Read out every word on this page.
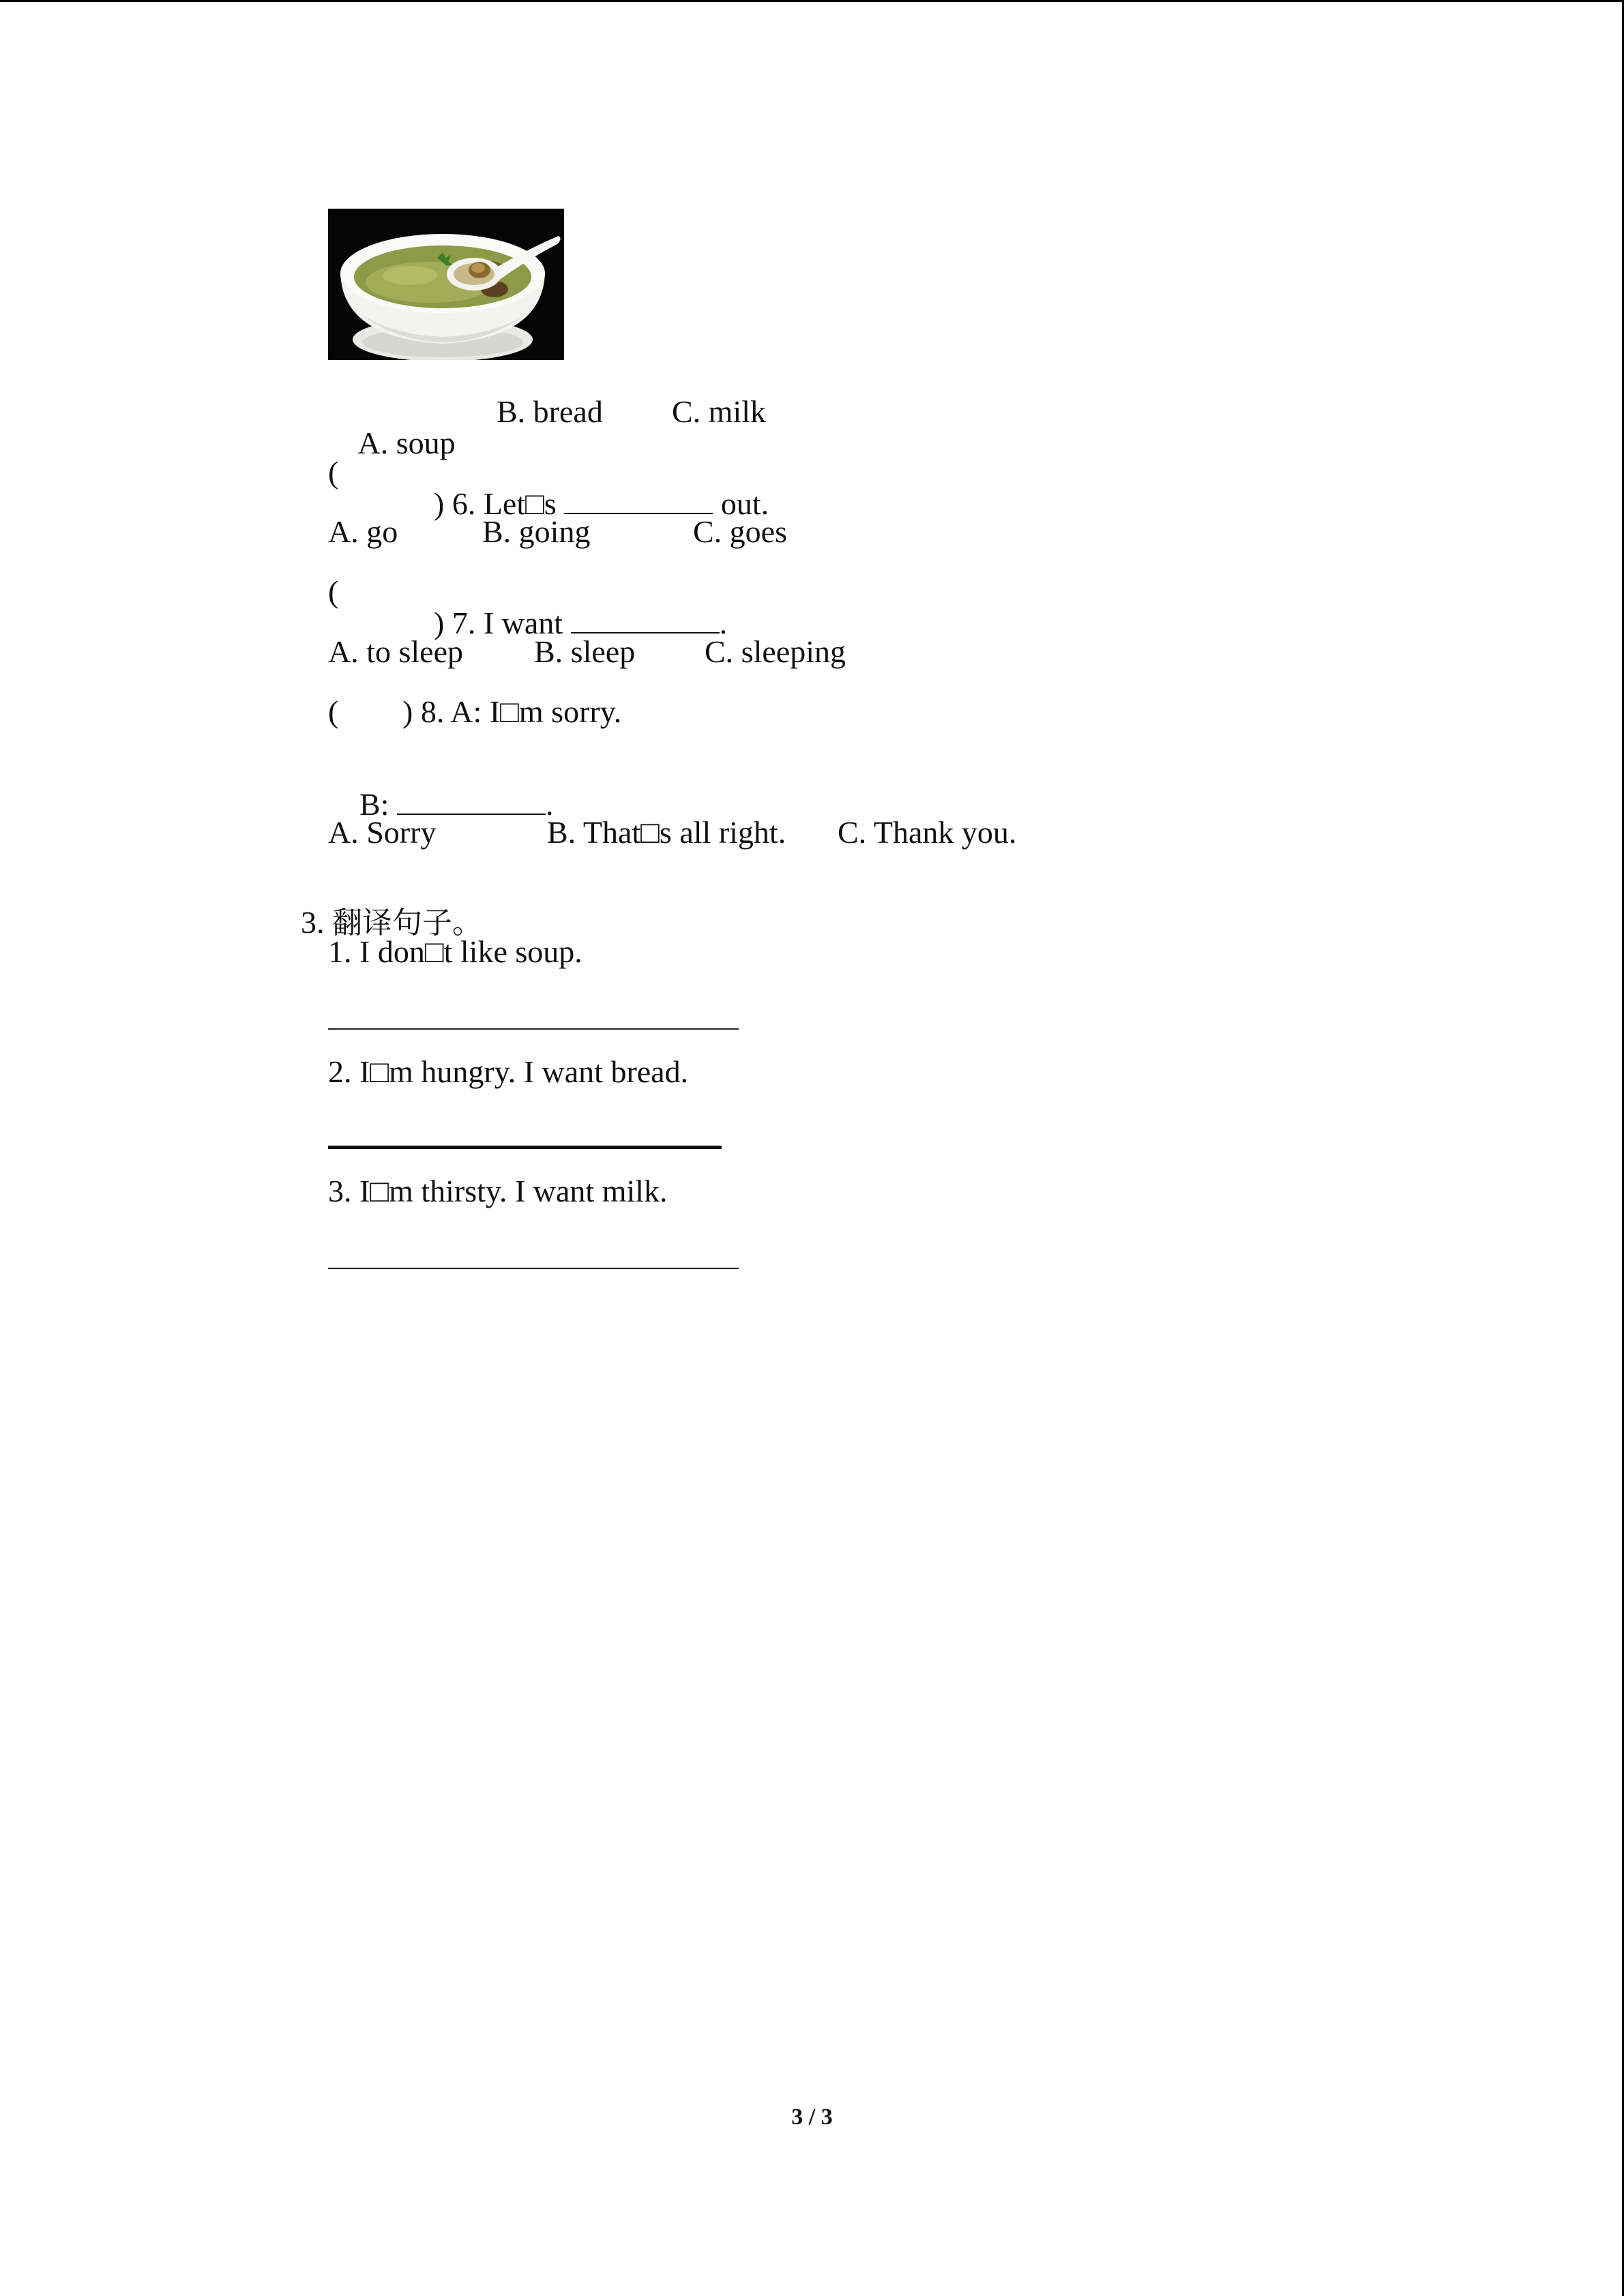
A. soup

B. bread C. milk
(

) 6. Let□s	out.

A. go	B. going	C. goes
(

) 7. I want	.

A. to sleep B. sleep C. sleeping
( ) 8. A: I□m sorry.

B:	.

A. Sorry	B. That□s all right. C. Thank you.

3. 翻译句子。

1. I don□t like soup.
2. I□m hungry. I want bread.
3. I□m thirsty. I want milk.
3 / 3
